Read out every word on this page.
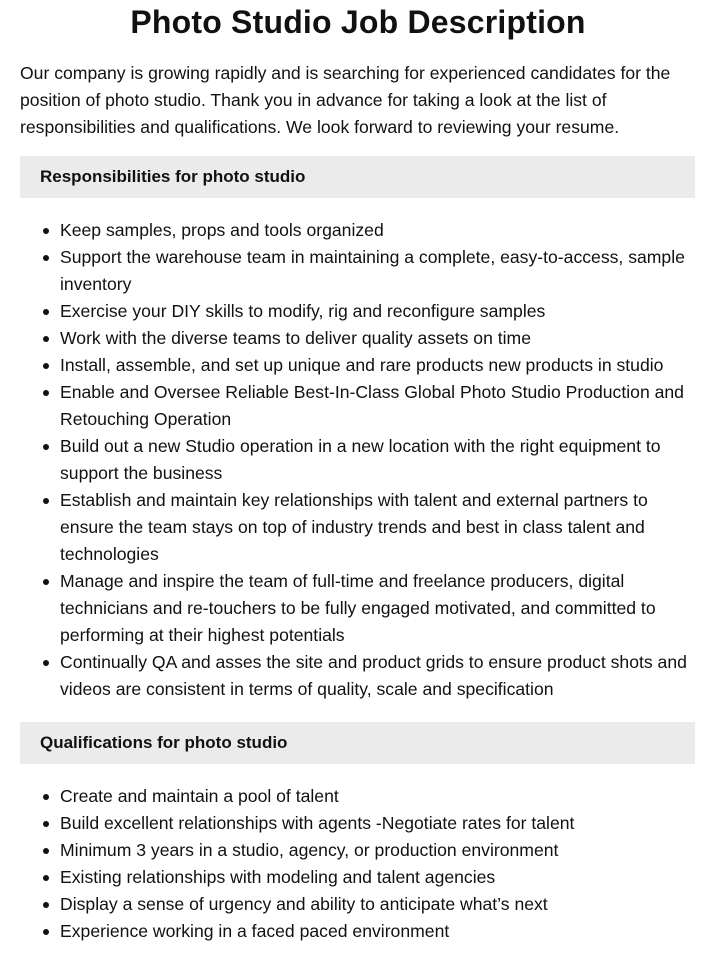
Photo Studio Job Description

Our company is growing rapidly and is searching for experienced candidates for the position of photo studio. Thank you in advance for taking a look at the list of responsibilities and qualifications. We look forward to reviewing your resume.

Responsibilities for photo studio
Keep samples, props and tools organized
Support the warehouse team in maintaining a complete, easy-to-access, sample inventory
Exercise your DIY skills to modify, rig and reconfigure samples
Work with the diverse teams to deliver quality assets on time
Install, assemble, and set up unique and rare products new products in studio
Enable and Oversee Reliable Best-In-Class Global Photo Studio Production and Retouching Operation
Build out a new Studio operation in a new location with the right equipment to support the business
Establish and maintain key relationships with talent and external partners to ensure the team stays on top of industry trends and best in class talent and technologies
Manage and inspire the team of full-time and freelance producers, digital technicians and re-touchers to be fully engaged motivated, and committed to performing at their highest potentials
Continually QA and asses the site and product grids to ensure product shots and videos are consistent in terms of quality, scale and specification
Qualifications for photo studio
Create and maintain a pool of talent
Build excellent relationships with agents -Negotiate rates for talent
Minimum 3 years in a studio, agency, or production environment
Existing relationships with modeling and talent agencies
Display a sense of urgency and ability to anticipate what’s next
Experience working in a faced paced environment
